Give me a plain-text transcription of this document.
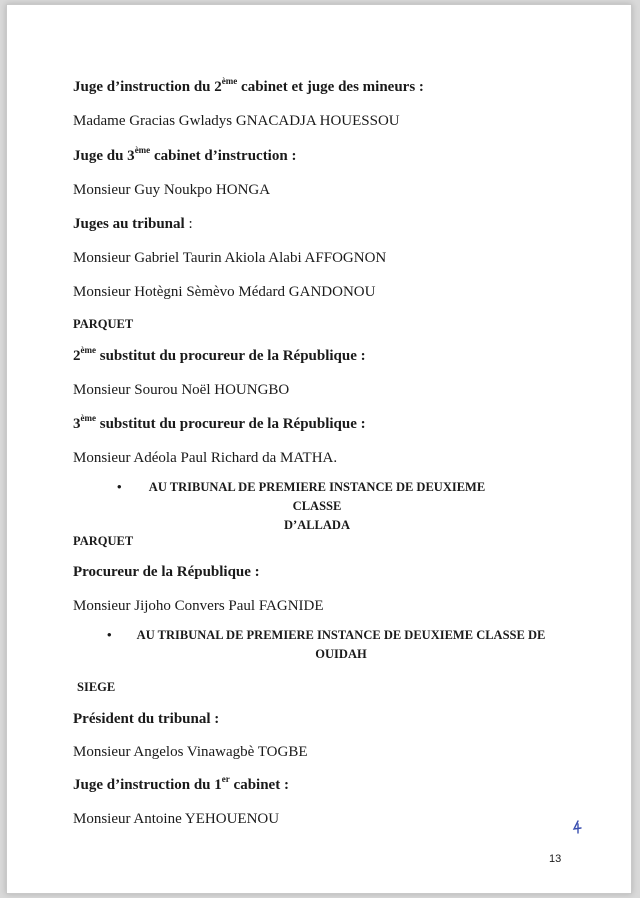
Juge d’instruction du 2ème cabinet et juge des mineurs :
Madame Gracias Gwladys GNACADJA HOUESSOU
Juge du 3ème cabinet d’instruction :
Monsieur Guy Noukpo HONGA
Juges au tribunal :
Monsieur Gabriel Taurin Akiola Alabi AFFOGNON
Monsieur Hotègni Sèmèvo Médard GANDONOU
PARQUET
2ème substitut du procureur de la République :
Monsieur Sourou Noël HOUNGBO
3ème substitut du procureur de la République :
Monsieur Adéola Paul Richard da MATHA.
•	AU TRIBUNAL DE PREMIERE INSTANCE DE DEUXIEME CLASSE
D’ALLADA
PARQUET
Procureur de la République :
Monsieur Jijoho Convers Paul FAGNIDE
•	AU TRIBUNAL DE PREMIERE INSTANCE DE DEUXIEME CLASSE DE
OUIDAH
SIEGE
Président du tribunal :
Monsieur Angelos Vinawagbè TOGBE
Juge d’instruction du 1er cabinet :
Monsieur Antoine YEHOUENOU
13
